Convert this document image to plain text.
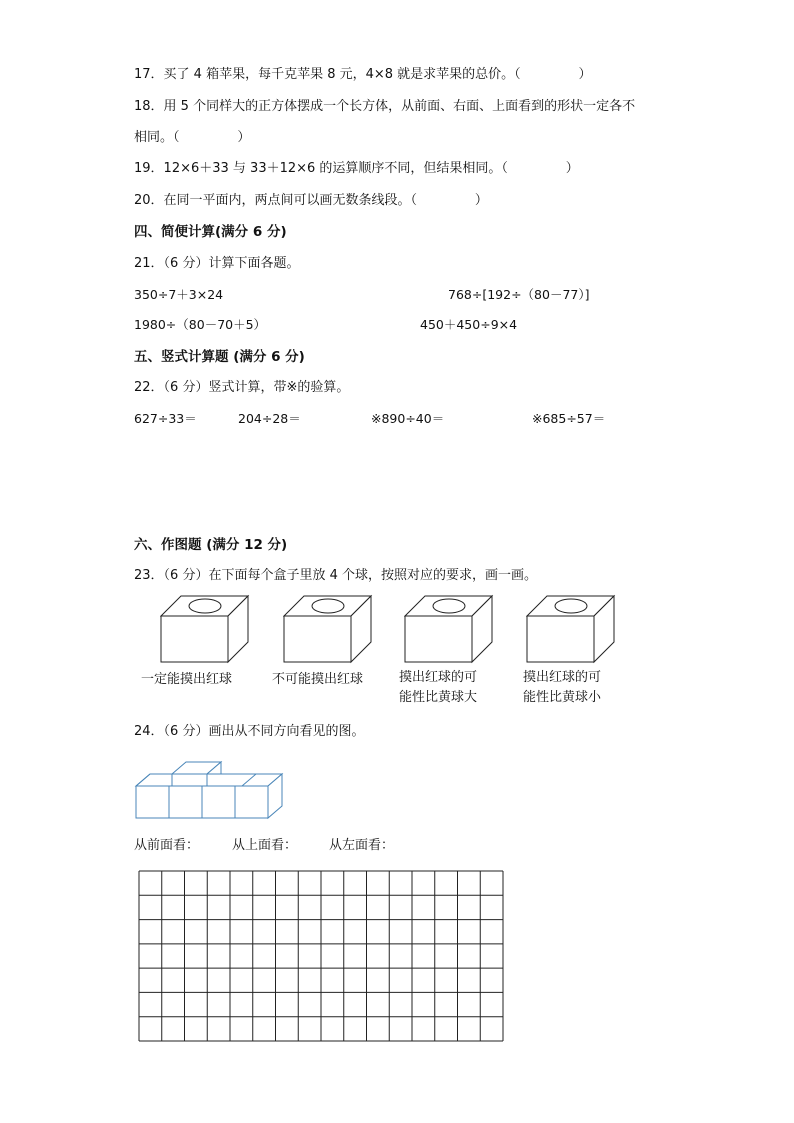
17．买了 4 箱苹果，每千克苹果 8 元，4×8 就是求苹果的总价。（              ）
18．用 5 个同样大的正方体摆成一个长方体，从前面、右面、上面看到的形状一定各不
相同。（              ）
19．12×6＋33 与 33＋12×6 的运算顺序不同，但结果相同。（              ）
20．在同一平面内，两点间可以画无数条线段。（              ）
四、简便计算(满分 6 分)
21．（6 分）计算下面各题。
350÷7＋3×24	768÷[192÷（80－77）]
1980÷（80－70＋5）	450＋450÷9×4
五、竖式计算题 (满分 6 分)
22．（6 分）竖式计算，带※的验算。
627÷33＝	204÷28＝	※890÷40＝	※685÷57＝
六、作图题 (满分 12 分)
23．（6 分）在下面每个盒子里放 4 个球，按照对应的要求，画一画。
一定能摸出红球	不可能摸出红球	摸出红球的可
能性比黄球大
摸出红球的可
能性比黄球小
24．（6 分）画出从不同方向看见的图。
从前面看：	从上面看： 从左面看：
